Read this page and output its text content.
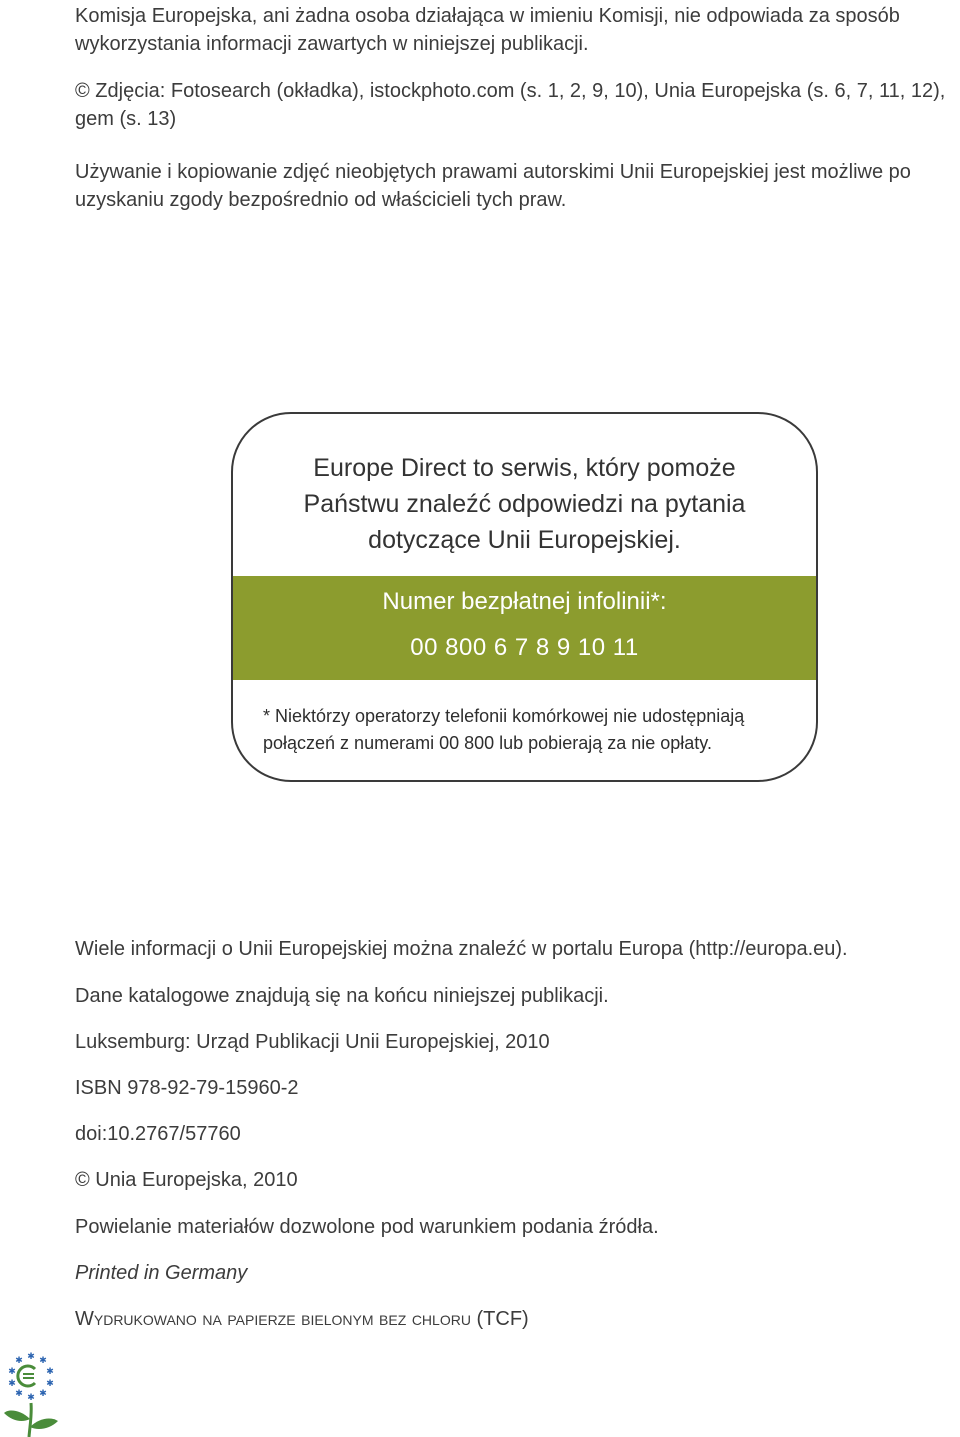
Komisja Europejska, ani żadna osoba działająca w imieniu Komisji, nie odpowiada za sposób wykorzystania informacji zawartych w niniejszej publikacji.

© Zdjęcia: Fotosearch (okładka), istockphoto.com (s. 1, 2, 9, 10), Unia Europejska (s. 6, 7, 11, 12), gem (s. 13)

Używanie i kopiowanie zdjęć nieobjętych prawami autorskimi Unii Europejskiej jest możliwe po uzyskaniu zgody bezpośrednio od właścicieli tych praw.

Europe Direct to serwis, który pomoże
Państwu znaleźć odpowiedzi na pytania
dotyczące Unii Europejskiej.
Numer bezpłatnej infolinii*:
00 800 6 7 8 9 10 11
* Niektórzy operatorzy telefonii komórkowej nie udostępniają
połączeń z numerami 00 800 lub pobierają za nie opłaty.

Wiele informacji o Unii Europejskiej można znaleźć w portalu Europa (http://europa.eu).

Dane katalogowe znajdują się na końcu niniejszej publikacji.

Luksemburg: Urząd Publikacji Unii Europejskiej, 2010

ISBN 978-92-79-15960-2

doi:10.2767/57760

© Unia Europejska, 2010

Powielanie materiałów dozwolone pod warunkiem podania źródła.

Printed in Germany

Wydrukowano na papierze bielonym bez chloru (TCF)

✱ ✱
✱
✱
✱
✱
✱
✱
✱ ✱
